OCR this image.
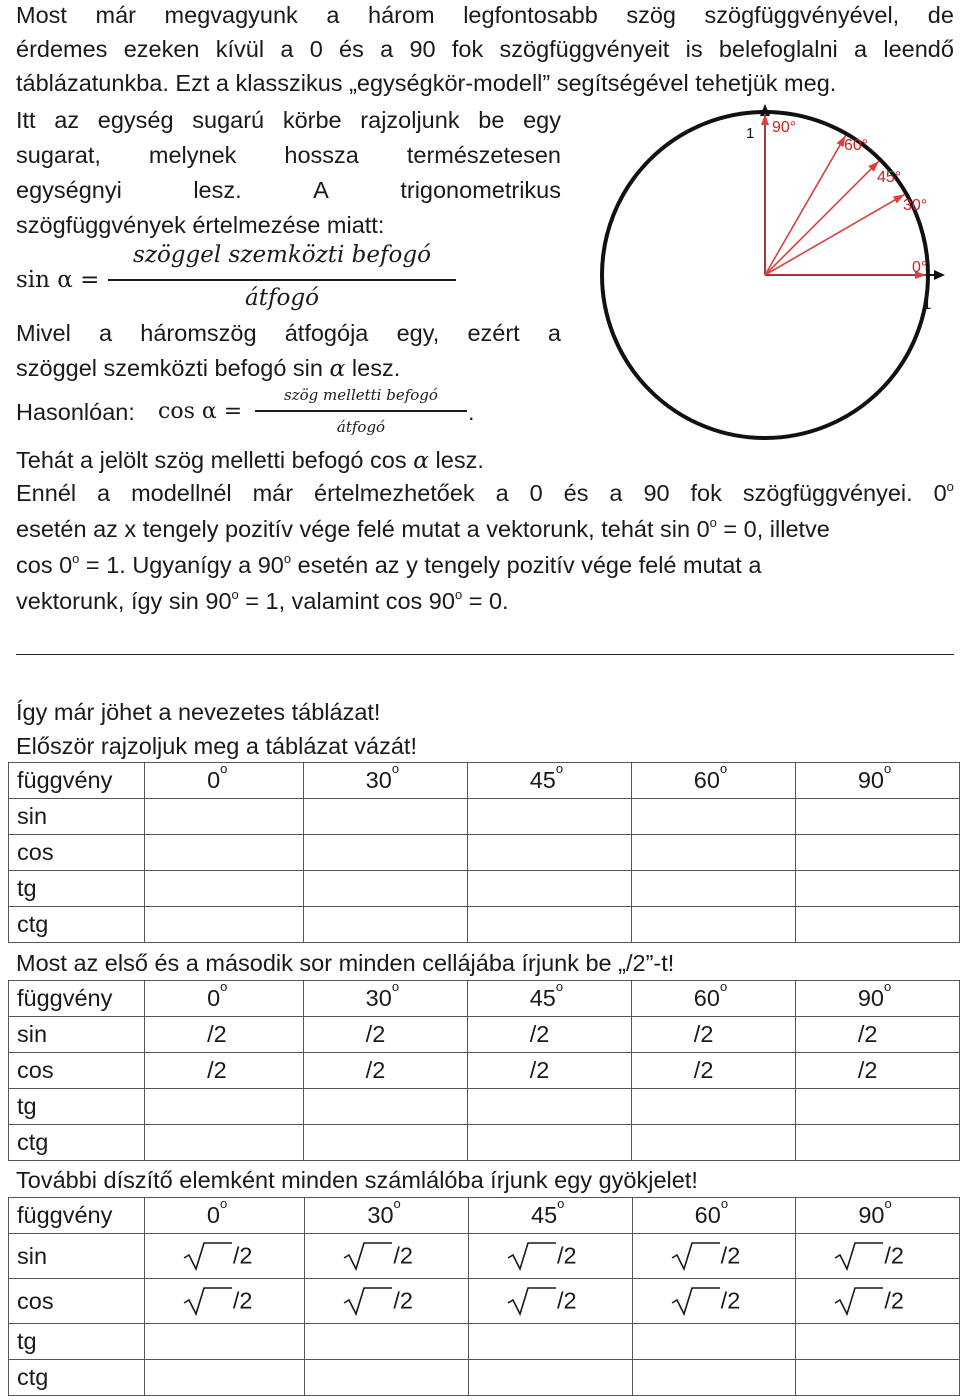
Most már megvagyunk a három legfontosabb szög szögfüggvényével, de
érdemes ezeken kívül a 0 és a 90 fok szögfüggvényeit is belefoglalni a leendő
táblázatunkba. Ezt a klasszikus „egységkör-modell” segítségével tehetjük meg.
Itt az egység sugarú körbe rajzoljunk be egy
sugarat, melynek hossza természetesen
egységnyi	lesz.	A	trigonometrikus
szögfüggvények értelmezése miatt:
sin α =
szöggel szemközti befogó
átfogó
Mivel a háromszög átfogója egy, ezért a
szöggel szemközti befogó sin α lesz.
Hasonlóan: cos α =
szög melletti befogó
átfogó
.
Tehát a jelölt szög melletti befogó cos α lesz.
Ennél a modellnél már értelmezhetőek a 0 és a 90 fok szögfüggvényei. 0$^o$
esetén az x tengely pozitív vége felé mutat a vektorunk, tehát $\sin 0^o = 0$, illetve
$\cos 0^o = 1$. Ugyanígy a 90$^o$ esetén az y tengely pozitív vége felé mutat a
vektorunk, így $\sin 90^o = 1$, valamint $\cos 90^o = 0$.
1 90°
60°
45°
30°
0°
1
Így már jöhet a nevezetes táblázat!
Először rajzoljuk meg a táblázat vázát!
függvény	0$^o$	30$^o$	45$^o$	60$^o$	90$^o$
sin					
cos					
tg					
ctg					
Most az első és a második sor minden cellájába írjunk be „/2”-t!
függvény	0$^o$	30$^o$	45$^o$	60$^o$	90$^o$
sin	/2	/2	/2	/2	/2
cos	/2	/2	/2	/2	/2
tg					
ctg					
További díszítő elemként minden számlálóba írjunk egy gyökjelet!
függvény	0$^o$	30$^o$	45$^o$	60$^o$	90$^o$
sin	/2	/2	/2	/2	/2
cos	/2	/2	/2	/2	/2
tg					
ctg					
